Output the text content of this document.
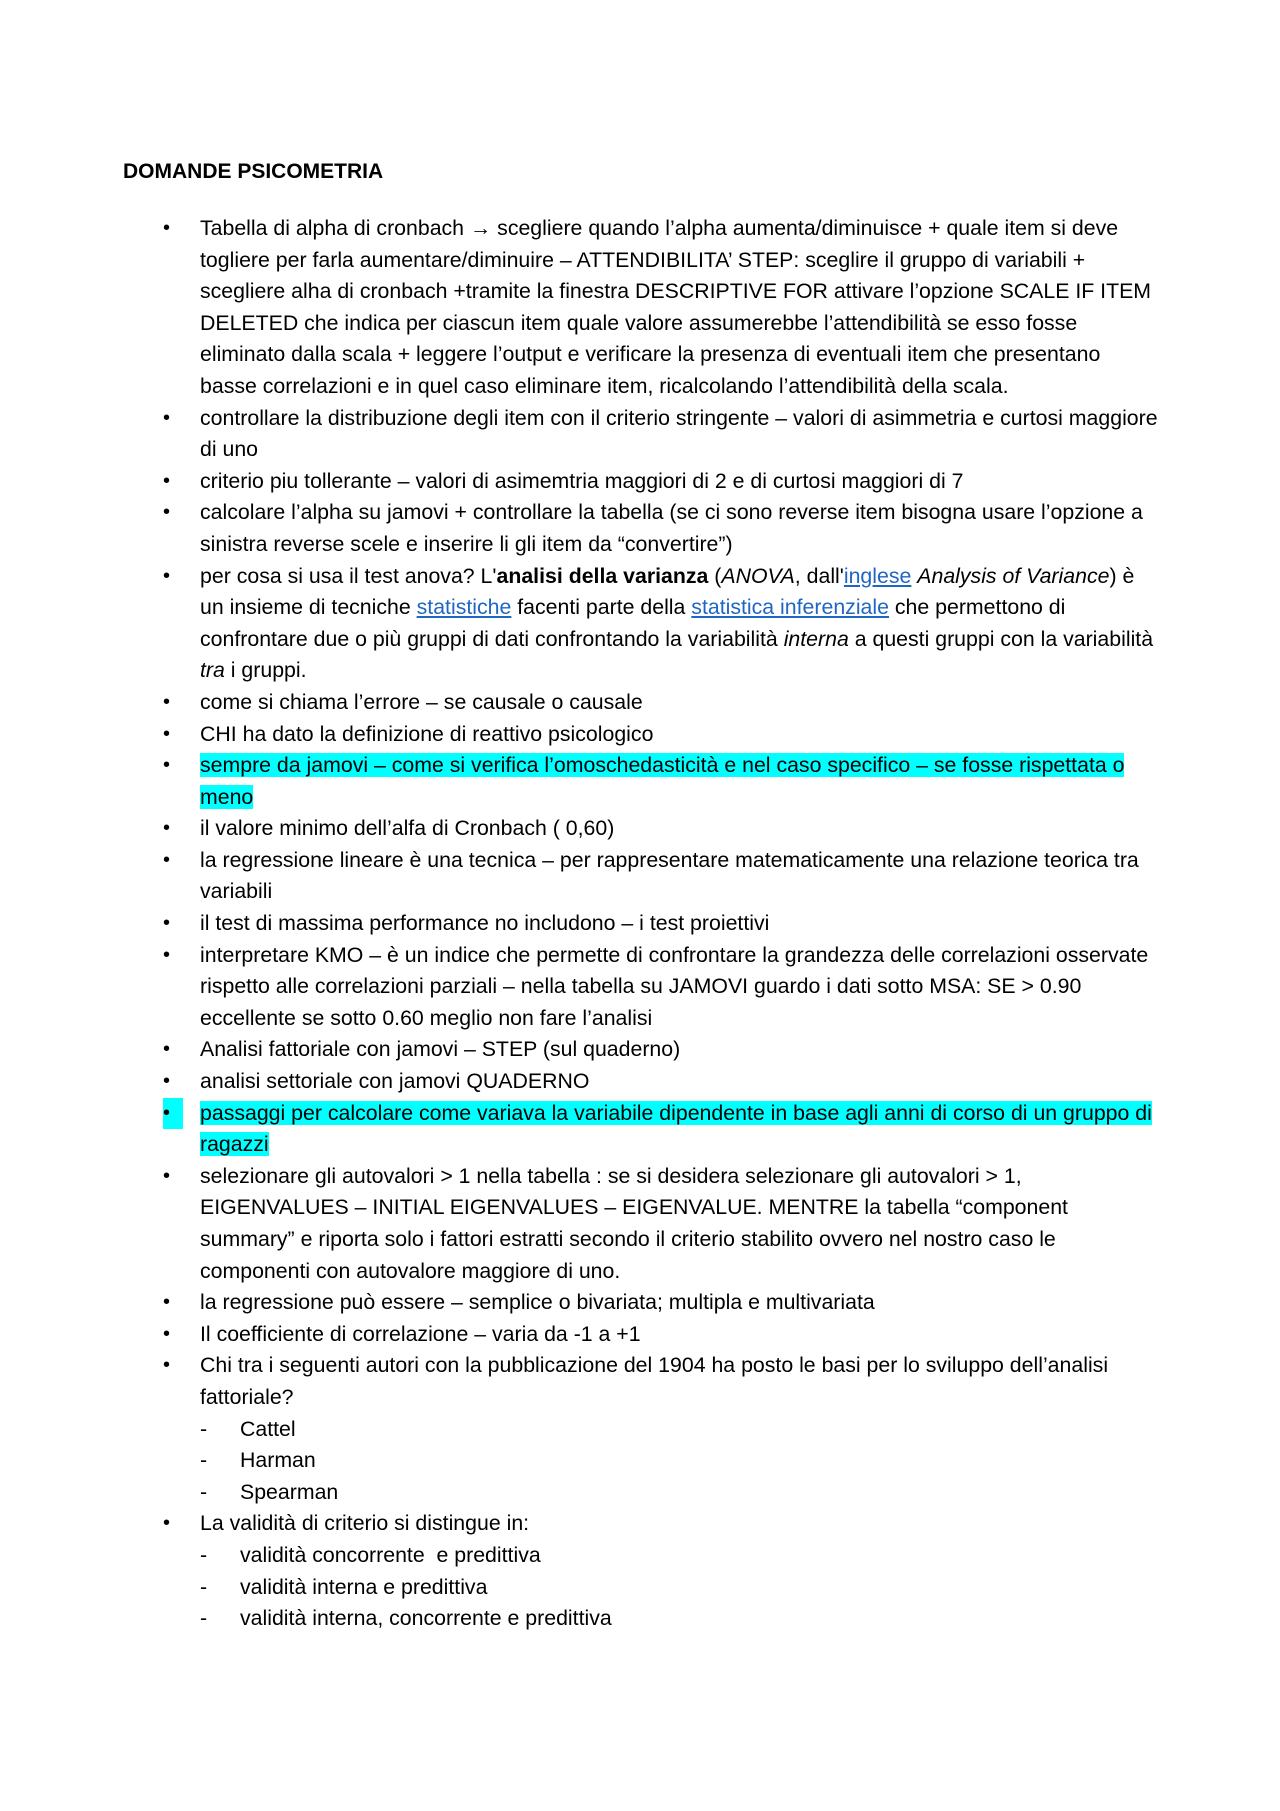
DOMANDE PSICOMETRIA
•	Tabella di alpha di cronbach → scegliere quando l’alpha aumenta/diminuisce + quale item si deve togliere per farla aumentare/diminuire – ATTENDIBILITA’ STEP: sceglire il gruppo di variabili + scegliere alha di cronbach +tramite la finestra DESCRIPTIVE FOR attivare l’opzione SCALE IF ITEM DELETED che indica per ciascun item quale valore assumerebbe l’attendibilità se esso fosse eliminato dalla scala + leggere l’output e verificare la presenza di eventuali item che presentano basse correlazioni e in quel caso eliminare item, ricalcolando l’attendibilità della scala.
•	controllare la distribuzione degli item con il criterio stringente – valori di asimmetria e curtosi maggiore di uno
•	criterio piu tollerante – valori di asimemtria maggiori di 2 e di curtosi maggiori di 7
•	calcolare l’alpha su jamovi + controllare la tabella (se ci sono reverse item bisogna usare l’opzione a sinistra reverse scele e inserire li gli item da “convertire”)
•	per cosa si usa il test anova? L'analisi della varianza (ANOVA, dall'inglese Analysis of Variance) è un insieme di tecniche statistiche facenti parte della statistica inferenziale che permettono di confrontare due o più gruppi di dati confrontando la variabilità interna a questi gruppi con la variabilità tra i gruppi.
•	come si chiama l’errore – se causale o causale
•	CHI ha dato la definizione di reattivo psicologico
•	sempre da jamovi – come si verifica l’omoschedasticità e nel caso specifico – se fosse rispettata o meno
•	il valore minimo dell’alfa di Cronbach ( 0,60)
•	la regressione lineare è una tecnica – per rappresentare matematicamente una relazione teorica tra variabili
•	il test di massima performance no includono – i test proiettivi
•	interpretare KMO – è un indice che permette di confrontare la grandezza delle correlazioni osservate rispetto alle correlazioni parziali – nella tabella su JAMOVI guardo i dati sotto MSA: SE > 0.90 eccellente se sotto 0.60 meglio non fare l’analisi
•	Analisi fattoriale con jamovi – STEP (sul quaderno)
•	analisi settoriale con jamovi QUADERNO
•	passaggi per calcolare come variava la variabile dipendente in base agli anni di corso di un gruppo di ragazzi
•	selezionare gli autovalori > 1 nella tabella : se si desidera selezionare gli autovalori > 1, EIGENVALUES – INITIAL EIGENVALUES – EIGENVALUE. MENTRE la tabella “component summary” e riporta solo i fattori estratti secondo il criterio stabilito ovvero nel nostro caso le componenti con autovalore maggiore di uno.
•	la regressione può essere – semplice o bivariata; multipla e multivariata
•	Il coefficiente di correlazione – varia da -1 a +1
•	Chi tra i seguenti autori con la pubblicazione del 1904 ha posto le basi per lo sviluppo dell’analisi fattoriale?
- Cattel
- Harman
- Spearman
•	La validità di criterio si distingue in:
- validità concorrente  e predittiva
- validità interna e predittiva
- validità interna, concorrente e predittiva
